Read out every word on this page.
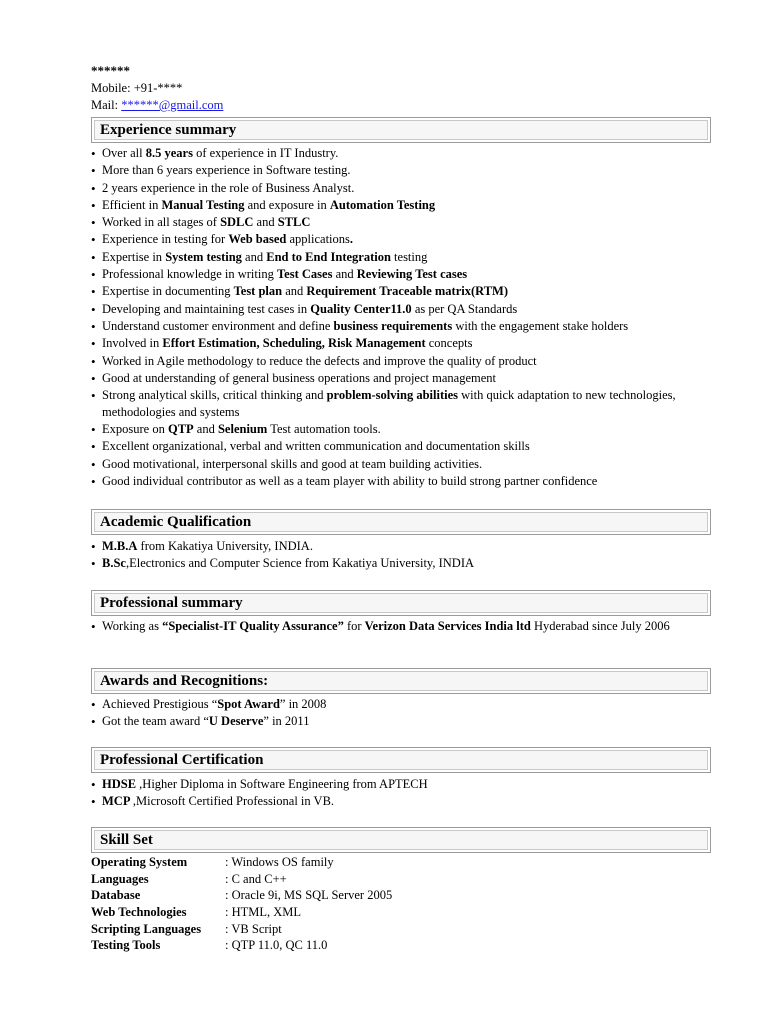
******
Mobile: +91-****
Mail: ******@gmail.com
Experience summary
• Over all 8.5 years of experience in IT Industry.
• More than 6 years experience in Software testing.
• 2 years experience in the role of Business Analyst.
• Efficient in Manual Testing and exposure in Automation Testing
• Worked in all stages of SDLC and STLC
• Experience in testing for Web based applications.
• Expertise in System testing and End to End Integration testing
• Professional knowledge in writing Test Cases and Reviewing Test cases
• Expertise in documenting Test plan and Requirement Traceable matrix(RTM)
• Developing and maintaining test cases in Quality Center11.0 as per QA Standards
• Understand customer environment and define business requirements with the engagement stake holders
• Involved in Effort Estimation, Scheduling, Risk Management concepts
• Worked in Agile methodology to reduce the defects and improve the quality of product
• Good at understanding of general business operations and project management
• Strong analytical skills, critical thinking and problem-solving abilities with quick adaptation to new technologies, methodologies and systems
• Exposure on QTP and Selenium Test automation tools.
• Excellent organizational, verbal and written communication and documentation skills
• Good motivational, interpersonal skills and good at team building activities.
• Good individual contributor as well as a team player with ability to build strong partner confidence
Academic Qualification
• M.B.A from Kakatiya University, INDIA.
• B.Sc,Electronics and Computer Science from Kakatiya University, INDIA
Professional summary
• Working as “Specialist-IT Quality Assurance” for Verizon Data Services India ltd Hyderabad since July 2006
Awards and Recognitions:
• Achieved Prestigious “Spot Award” in 2008
• Got the team award “U Deserve” in 2011
Professional Certification
• HDSE ,Higher Diploma in Software Engineering from APTECH
• MCP ,Microsoft Certified Professional in VB.
Skill Set
Operating System	: Windows OS family
Languages	: C and C++
Database	: Oracle 9i, MS SQL Server 2005
Web Technologies	: HTML, XML
Scripting Languages : VB Script
Testing Tools	: QTP 11.0, QC 11.0
